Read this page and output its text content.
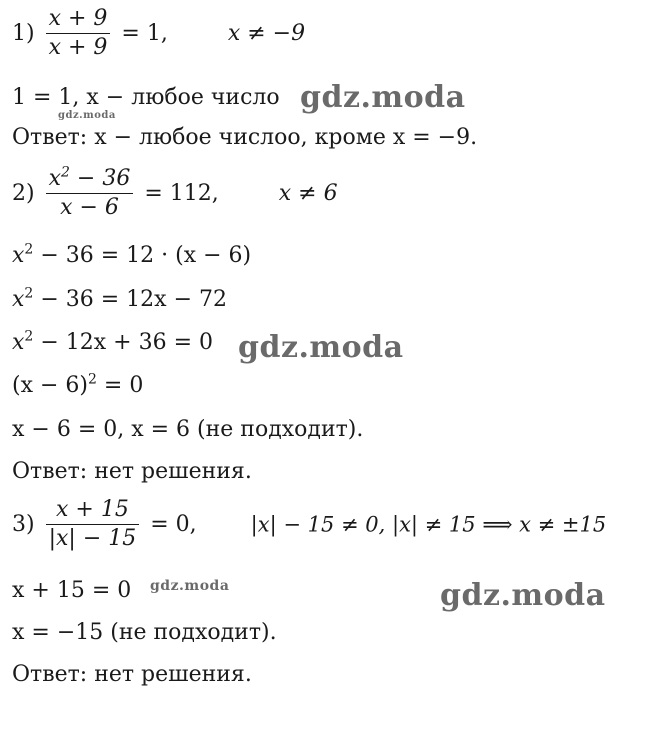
$1) \frac{x + 9}{x + 9} = 1$,	x ≠ −9
1 = 1, x − любое число
Ответ: x − любое числоо, кроме x = −9.
$2) \frac{x^2 - 36}{x - 6} = 112$,	x ≠ 6
$x^2 - 36 = 12 \cdot (x - 6)$
$x^2 - 36 = 12x - 72$
$x^2 - 12x + 36 = 0$
$(x - 6)^2 = 0$
x − 6 = 0, x = 6 (не подходит).
Ответ: нет решения.
$3) \frac{x + 15}{|x| - 15} = 0$,	|x| − 15 ≠ 0, |x| ≠ 15 ⟹ x ≠ ±15
x + 15 = 0
x = −15 (не подходит).
Ответ: нет решения.
gdz.moda
gdz.moda
gdz.moda
gdz.moda	gdz.moda
